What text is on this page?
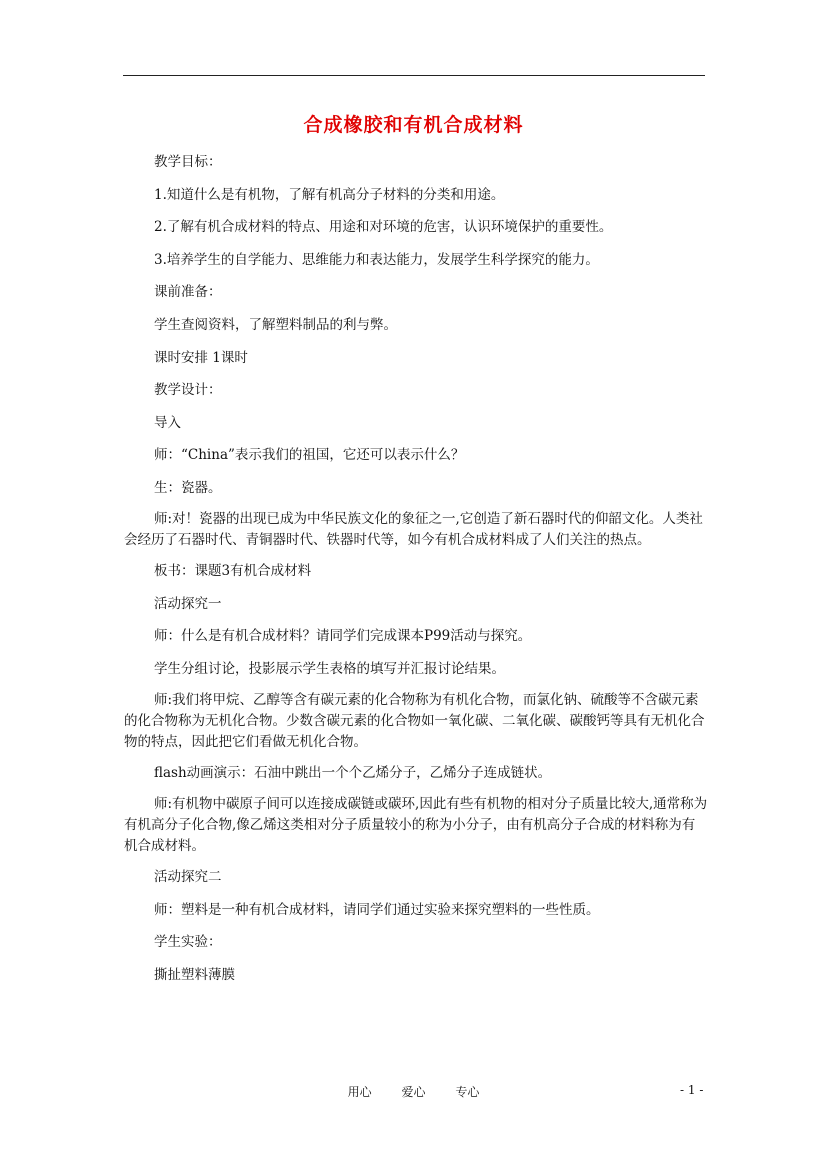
合成橡胶和有机合成材料

教学目标：

1.知道什么是有机物，了解有机高分子材料的分类和用途。

2.了解有机合成材料的特点、用途和对环境的危害，认识环境保护的重要性。

3.培养学生的自学能力、思维能力和表达能力，发展学生科学探究的能力。

课前准备：

学生查阅资料，了解塑料制品的利与弊。

课时安排 1课时

教学设计：

导入

师：“China”表示我们的祖国，它还可以表示什么？

生：瓷器。

师:对！瓷器的出现已成为中华民族文化的象征之一,它创造了新石器时代的仰韶文化。人类社会经历了石器时代、青铜器时代、铁器时代等，如今有机合成材料成了人们关注的热点。

板书：课题3有机合成材料

活动探究一

师：什么是有机合成材料？请同学们完成课本P99活动与探究。

学生分组讨论，投影展示学生表格的填写并汇报讨论结果。

师:我们将甲烷、乙醇等含有碳元素的化合物称为有机化合物，而氯化钠、硫酸等不含碳元素的化合物称为无机化合物。少数含碳元素的化合物如一氧化碳、二氧化碳、碳酸钙等具有无机化合物的特点，因此把它们看做无机化合物。

flash动画演示：石油中跳出一个个乙烯分子，乙烯分子连成链状。

师:有机物中碳原子间可以连接成碳链或碳环,因此有些有机物的相对分子质量比较大,通常称为有机高分子化合物,像乙烯这类相对分子质量较小的称为小分子，由有机高分子合成的材料称为有机合成材料。

活动探究二

师：塑料是一种有机合成材料，请同学们通过实验来探究塑料的一些性质。

学生实验：

撕扯塑料薄膜

用心 爱心 专心	- 1 -
